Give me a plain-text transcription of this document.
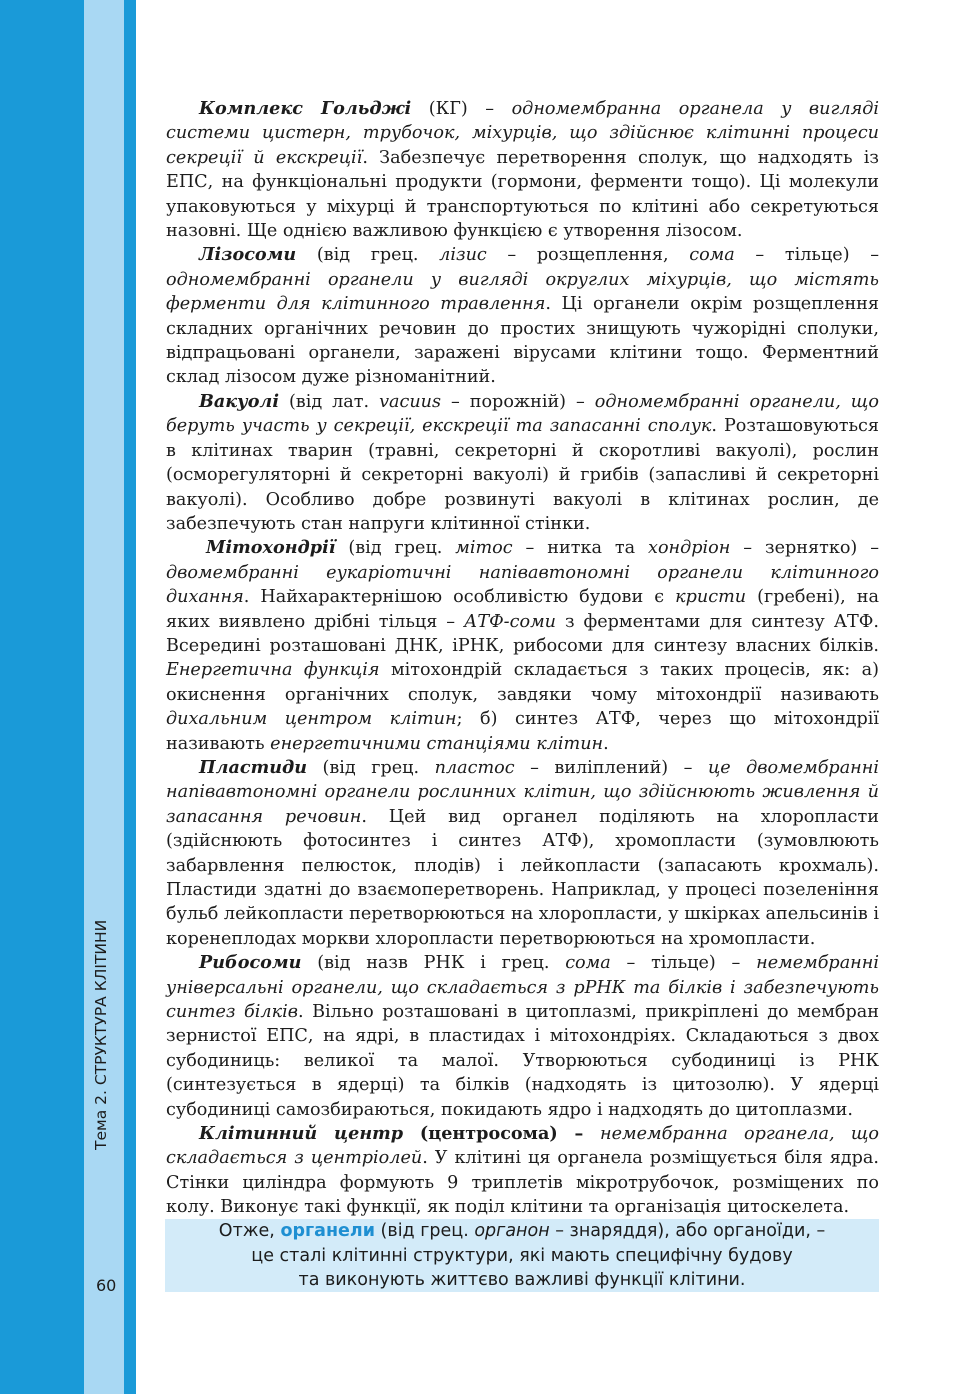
Тема 2. СТРУКТУРА КЛІТИНИ
60

Комплекс Гольджі (КГ) – одномембранна органела у вигляді системи цистерн, трубочок, міхурців, що здійснює клітинні процеси секреції й екскреції. Забезпечує перетворення сполук, що надходять із ЕПС, на функціональні продукти (гормони, ферменти тощо). Ці молекули упаковуються у міхурці й транспортуються по клітині або секретуються назовні. Ще однією важливою функцією є утворення лізосом.

Лізосоми (від грец. лізис – розщеплення, сома – тільце) – одномембранні органели у вигляді округлих міхурців, що містять ферменти для клітинного травлення. Ці органели окрім розщеплення складних органічних речовин до простих знищують чужорідні сполуки, відпрацьовані органели, заражені вірусами клітини тощо. Ферментний склад лізосом дуже різноманітний.

Вакуолі (від лат. vacuus – порожній) – одномембранні органели, що беруть участь у секреції, екскреції та запасанні сполук. Розташовуються в клітинах тварин (травні, секреторні й скоротливі вакуолі), рослин (осморегуляторні й секреторні вакуолі) й грибів (запасливі й секреторні вакуолі). Особливо добре розвинуті вакуолі в клітинах рослин, де забезпечують стан напруги клітинної стінки.

Мітохондрії (від грец. мітос – нитка та хондріон – зернятко) – двомембранні еукаріотичні напівавтономні органели клітинного дихання. Найхарактернішою особливістю будови є кристи (гребені), на яких виявлено дрібні тільця – АТФ-соми з ферментами для синтезу АТФ. Всередині розташовані ДНК, іРНК, рибосоми для синтезу власних білків. Енергетична функція мітохондрій складається з таких процесів, як: а) окиснення органічних сполук, завдяки чому мітохондрії називають дихальним центром клітин; б) синтез АТФ, через що мітохондрії називають енергетичними станціями клітин.

Пластиди (від грец. пластос – виліплений) – це двомембранні напівавтономні органели рослинних клітин, що здійснюють живлення й запасання речовин. Цей вид органел поділяють на хлоропласти (здійснюють фотосинтез і синтез АТФ), хромопласти (зумовлюють забарвлення пелюсток, плодів) і лейкопласти (запасають крохмаль). Пластиди здатні до взаємоперетворень. Наприклад, у процесі позеленіння бульб лейкопласти перетворюються на хлоропласти, у шкірках апельсинів і коренеплодах моркви хлоропласти перетворюються на хромопласти.

Рибосоми (від назв РНК і грец. сома – тільце) – немембранні універсальні органели, що складається з рРНК та білків і забезпечують синтез білків. Вільно розташовані в цитоплазмі, прикріплені до мембран зернистої ЕПС, на ядрі, в пластидах і мітохондріях. Складаються з двох субодиниць: великої та малої. Утворюються субодиниці із РНК (синтезується в ядерці) та білків (надходять із цитозолю). У ядерці субодиниці самозбираються, покидають ядро і надходять до цитоплазми.

Клітинний центр (центросома) – немембранна органела, що складається з центріолей. У клітині ця органела розміщується біля ядра. Стінки циліндра формують 9 триплетів мікротрубочок, розміщених по колу. Виконує такі функції, як поділ клітини та організація цитоскелета.

Отже, органели (від грец. органон – знаряддя), або органоїди, –
це сталі клітинні структури, які мають специфічну будову
та виконують життєво важливі функції клітини.
